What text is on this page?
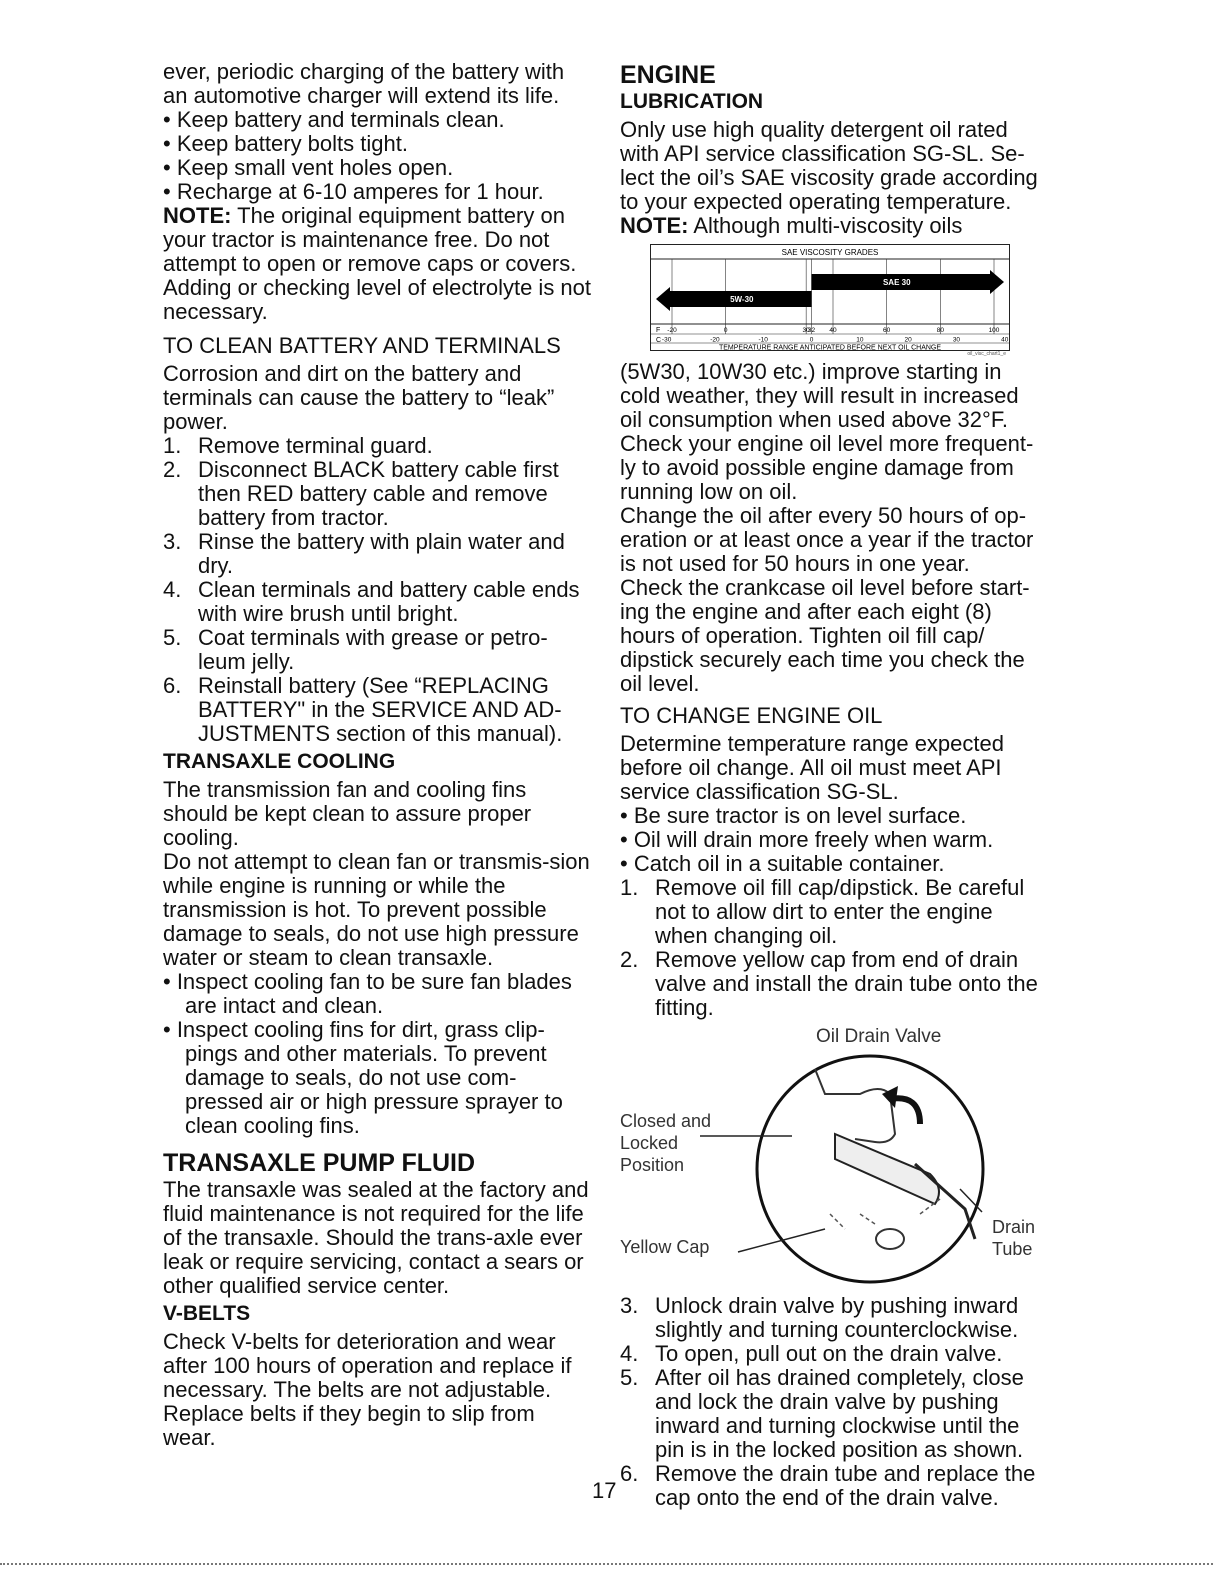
ever, periodic charging of the battery with an automotive charger will extend its life.

• Keep battery and terminals clean.

• Keep battery bolts tight.

• Keep small vent holes open.

• Recharge at 6-10 amperes for 1 hour.

NOTE: The original equipment battery on your tractor is maintenance free. Do not attempt to open or remove caps or covers. Adding or checking level of electrolyte is not necessary.

TO CLEAN BATTERY AND TERMINALS

Corrosion and dirt on the battery and terminals can cause the battery to “leak” power.

1. Remove terminal guard.

2. Disconnect BLACK battery cable first then RED battery cable and remove battery from tractor.

3. Rinse the battery with plain water and dry.

4. Clean terminals and battery cable ends with wire brush until bright.

5. Coat terminals with grease or petro-leum jelly.

6. Reinstall battery (See “REPLACING BATTERY" in the SERVICE AND AD-JUSTMENTS section of this manual).

TRANSAXLE COOLING

The transmission fan and cooling fins should be kept clean to assure proper cooling.

Do not attempt to clean fan or transmis-sion while engine is running or while the transmission is hot. To prevent possible damage to seals, do not use high pressure water or steam to clean transaxle.

• Inspect cooling fan to be sure fan blades are intact and clean.

• Inspect cooling fins for dirt, grass clip-pings and other materials. To prevent damage to seals, do not use com-pressed air or high pressure sprayer to clean cooling fins.

TRANSAXLE PUMP FLUID

The transaxle was sealed at the factory and fluid maintenance is not required for the life of the transaxle. Should the trans-axle ever leak or require servicing, contact a sears or other qualified service center.

V-BELTS

Check V-belts for deterioration and wear after 100 hours of operation and replace if necessary. The belts are not adjustable. Replace belts if they begin to slip from wear.

ENGINE

LUBRICATION

Only use high quality detergent oil rated with API service classification SG-SL. Se-lect the oil’s SAE viscosity grade according to your expected operating temperature.

NOTE: Although multi-viscosity oils

SAE VISCOSITY GRADES
5W-30
SAE 30
F -20	0	30
32 40	60	80	100
C -30	-20	-10	0	10	20	30	40
TEMPERATURE RANGE ANTICIPATED BEFORE NEXT OIL CHANGE
oil_visc_chart1_e

(5W30, 10W30 etc.) improve starting in cold weather, they will result in increased oil consumption when used above 32°F. Check your engine oil level more frequent-ly to avoid possible engine damage from running low on oil.

Change the oil after every 50 hours of op-eration or at least once a year if the tractor is not used for 50 hours in one year.

Check the crankcase oil level before start-ing the engine and after each eight (8) hours of operation. Tighten oil fill cap/ dipstick securely each time you check the oil level.

TO CHANGE ENGINE OIL

Determine temperature range expected before oil change. All oil must meet API service classification SG-SL.

• Be sure tractor is on level surface.

• Oil will drain more freely when warm.

• Catch oil in a suitable container.

1. Remove oil fill cap/dipstick. Be careful not to allow dirt to enter the engine when changing oil.

2. Remove yellow cap from end of drain valve and install the drain tube onto the fitting.

Oil Drain Valve
Closed and
Locked
Position
Yellow Cap
Drain
Tube

3. Unlock drain valve by pushing inward slightly and turning counterclockwise.

4. To open, pull out on the drain valve.

5. After oil has drained completely, close and lock the drain valve by pushing inward and turning clockwise until the pin is in the locked position as shown.

6. Remove the drain tube and replace the cap onto the end of the drain valve.

17
